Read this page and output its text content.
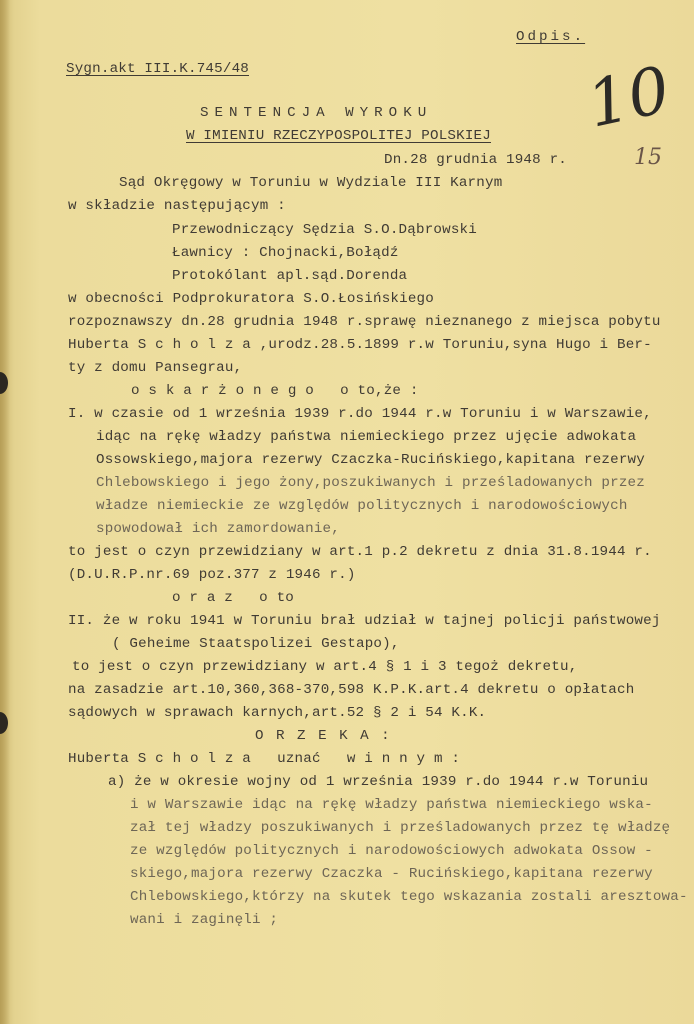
Odpis.
Sygn.akt III.K.745/48	10
15
SENTENCJA WYROKU
W IMIENIU RZECZYPOSPOLITEJ POLSKIEJ
Dn.28 grudnia 1948 r.
Sąd Okręgowy w Toruniu w Wydziale III Karnym
w składzie następującym :
Przewodniczący Sędzia S.O.Dąbrowski
Ławnicy : Chojnacki,Bołądź
Protokólant apl.sąd.Dorenda
w obecności Podprokuratora S.O.Łosińskiego
rozpoznawszy dn.28 grudnia 1948 r.sprawę nieznanego z miejsca pobytu
Huberta S c h o l z a ,urodz.28.5.1899 r.w Toruniu,syna Hugo i Ber-
ty z domu Pansegrau,
o s k a r ż o n e g o   o to,że :
I. w czasie od 1 września 1939 r.do 1944 r.w Toruniu i w Warszawie,
idąc na rękę władzy państwa niemieckiego przez ujęcie adwokata
Ossowskiego,majora rezerwy Czaczka-Rucińskiego,kapitana rezerwy
Chlebowskiego i jego żony,poszukiwanych i prześladowanych przez
władze niemieckie ze względów politycznych i narodowościowych
spowodował ich zamordowanie,
to jest o czyn przewidziany w art.1 p.2 dekretu z dnia 31.8.1944 r.
(D.U.R.P.nr.69 poz.377 z 1946 r.)
o r a z   o to
II. że w roku 1941 w Toruniu brał udział w tajnej policji państwowej
( Geheime Staatspolizei Gestapo),
to jest o czyn przewidziany w art.4 § 1 i 3 tegoż dekretu,
na zasadzie art.10,360,368-370,598 K.P.K.art.4 dekretu o opłatach
sądowych w sprawach karnych,art.52 § 2 i 54 K.K.
O R Z E K A :
Huberta S c h o l z a   uznać   w i n n y m :
a) że w okresie wojny od 1 września 1939 r.do 1944 r.w Toruniu
i w Warszawie idąc na rękę władzy państwa niemieckiego wska-
zał tej władzy poszukiwanych i prześladowanych przez tę władzę
ze względów politycznych i narodowościowych adwokata Ossow -
skiego,majora rezerwy Czaczka - Rucińskiego,kapitana rezerwy
Chlebowskiego,którzy na skutek tego wskazania zostali aresztowa-
wani i zaginęli ;
